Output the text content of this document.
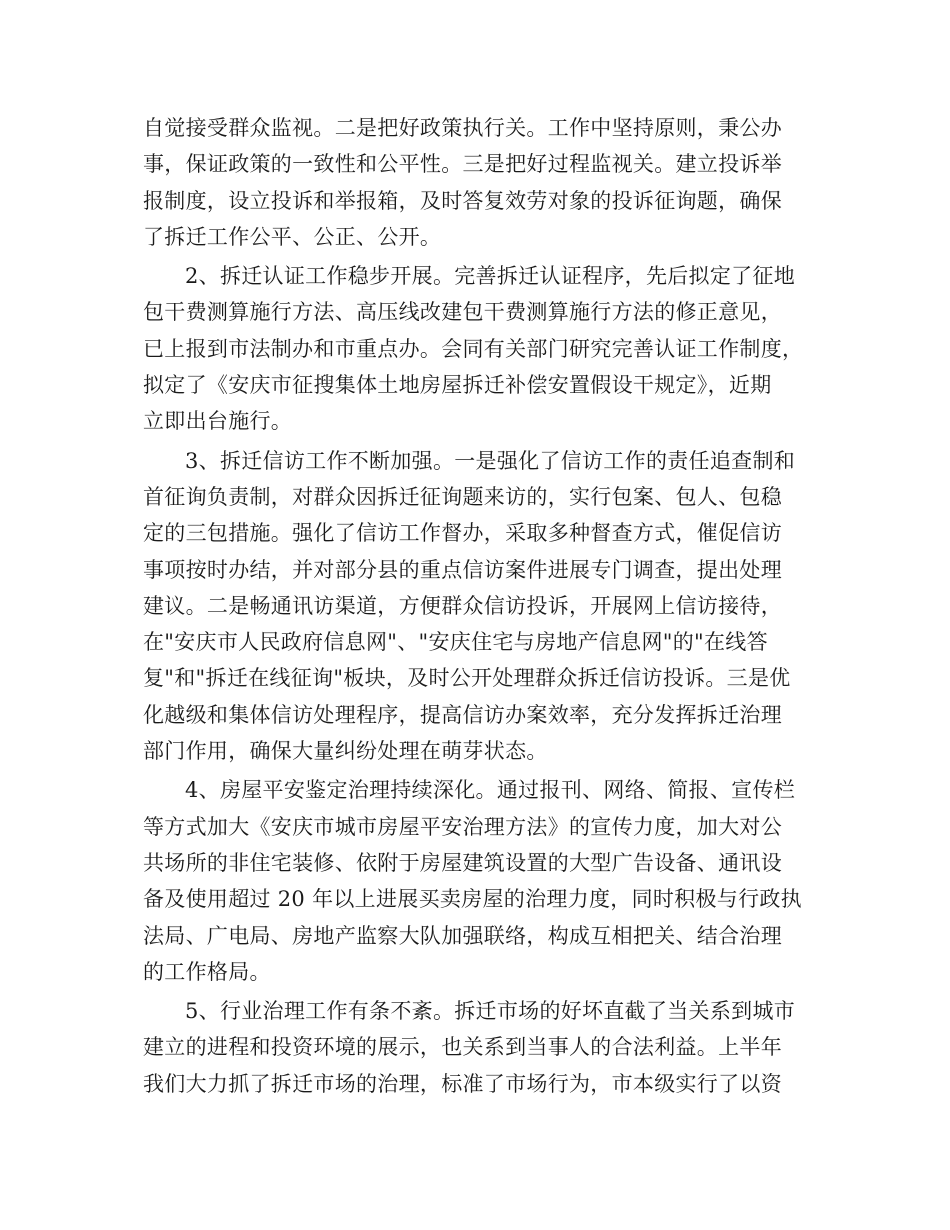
自觉接受群众监视。二是把好政策执行关。工作中坚持原则，秉公办
事，保证政策的一致性和公平性。三是把好过程监视关。建立投诉举
报制度，设立投诉和举报箱，及时答复效劳对象的投诉征询题，确保
了拆迁工作公平、公正、公开。
2、拆迁认证工作稳步开展。完善拆迁认证程序，先后拟定了征地
包干费测算施行方法、高压线改建包干费测算施行方法的修正意见，
已上报到市法制办和市重点办。会同有关部门研究完善认证工作制度，
拟定了《安庆市征搜集体土地房屋拆迁补偿安置假设干规定》，近期
立即出台施行。
3、拆迁信访工作不断加强。一是强化了信访工作的责任追查制和
首征询负责制，对群众因拆迁征询题来访的，实行包案、包人、包稳
定的三包措施。强化了信访工作督办，采取多种督查方式，催促信访
事项按时办结，并对部分县的重点信访案件进展专门调查，提出处理
建议。二是畅通讯访渠道，方便群众信访投诉，开展网上信访接待，
在"安庆市人民政府信息网"、"安庆住宅与房地产信息网"的"在线答
复"和"拆迁在线征询"板块，及时公开处理群众拆迁信访投诉。三是优
化越级和集体信访处理程序，提高信访办案效率，充分发挥拆迁治理
部门作用，确保大量纠纷处理在萌芽状态。
4、房屋平安鉴定治理持续深化。通过报刊、网络、简报、宣传栏
等方式加大《安庆市城市房屋平安治理方法》的宣传力度，加大对公
共场所的非住宅装修、依附于房屋建筑设置的大型广告设备、通讯设
备及使用超过 20 年以上进展买卖房屋的治理力度，同时积极与行政执
法局、广电局、房地产监察大队加强联络，构成互相把关、结合治理
的工作格局。
5、行业治理工作有条不紊。拆迁市场的好坏直截了当关系到城市
建立的进程和投资环境的展示，也关系到当事人的合法利益。上半年
我们大力抓了拆迁市场的治理，标准了市场行为，市本级实行了以资
